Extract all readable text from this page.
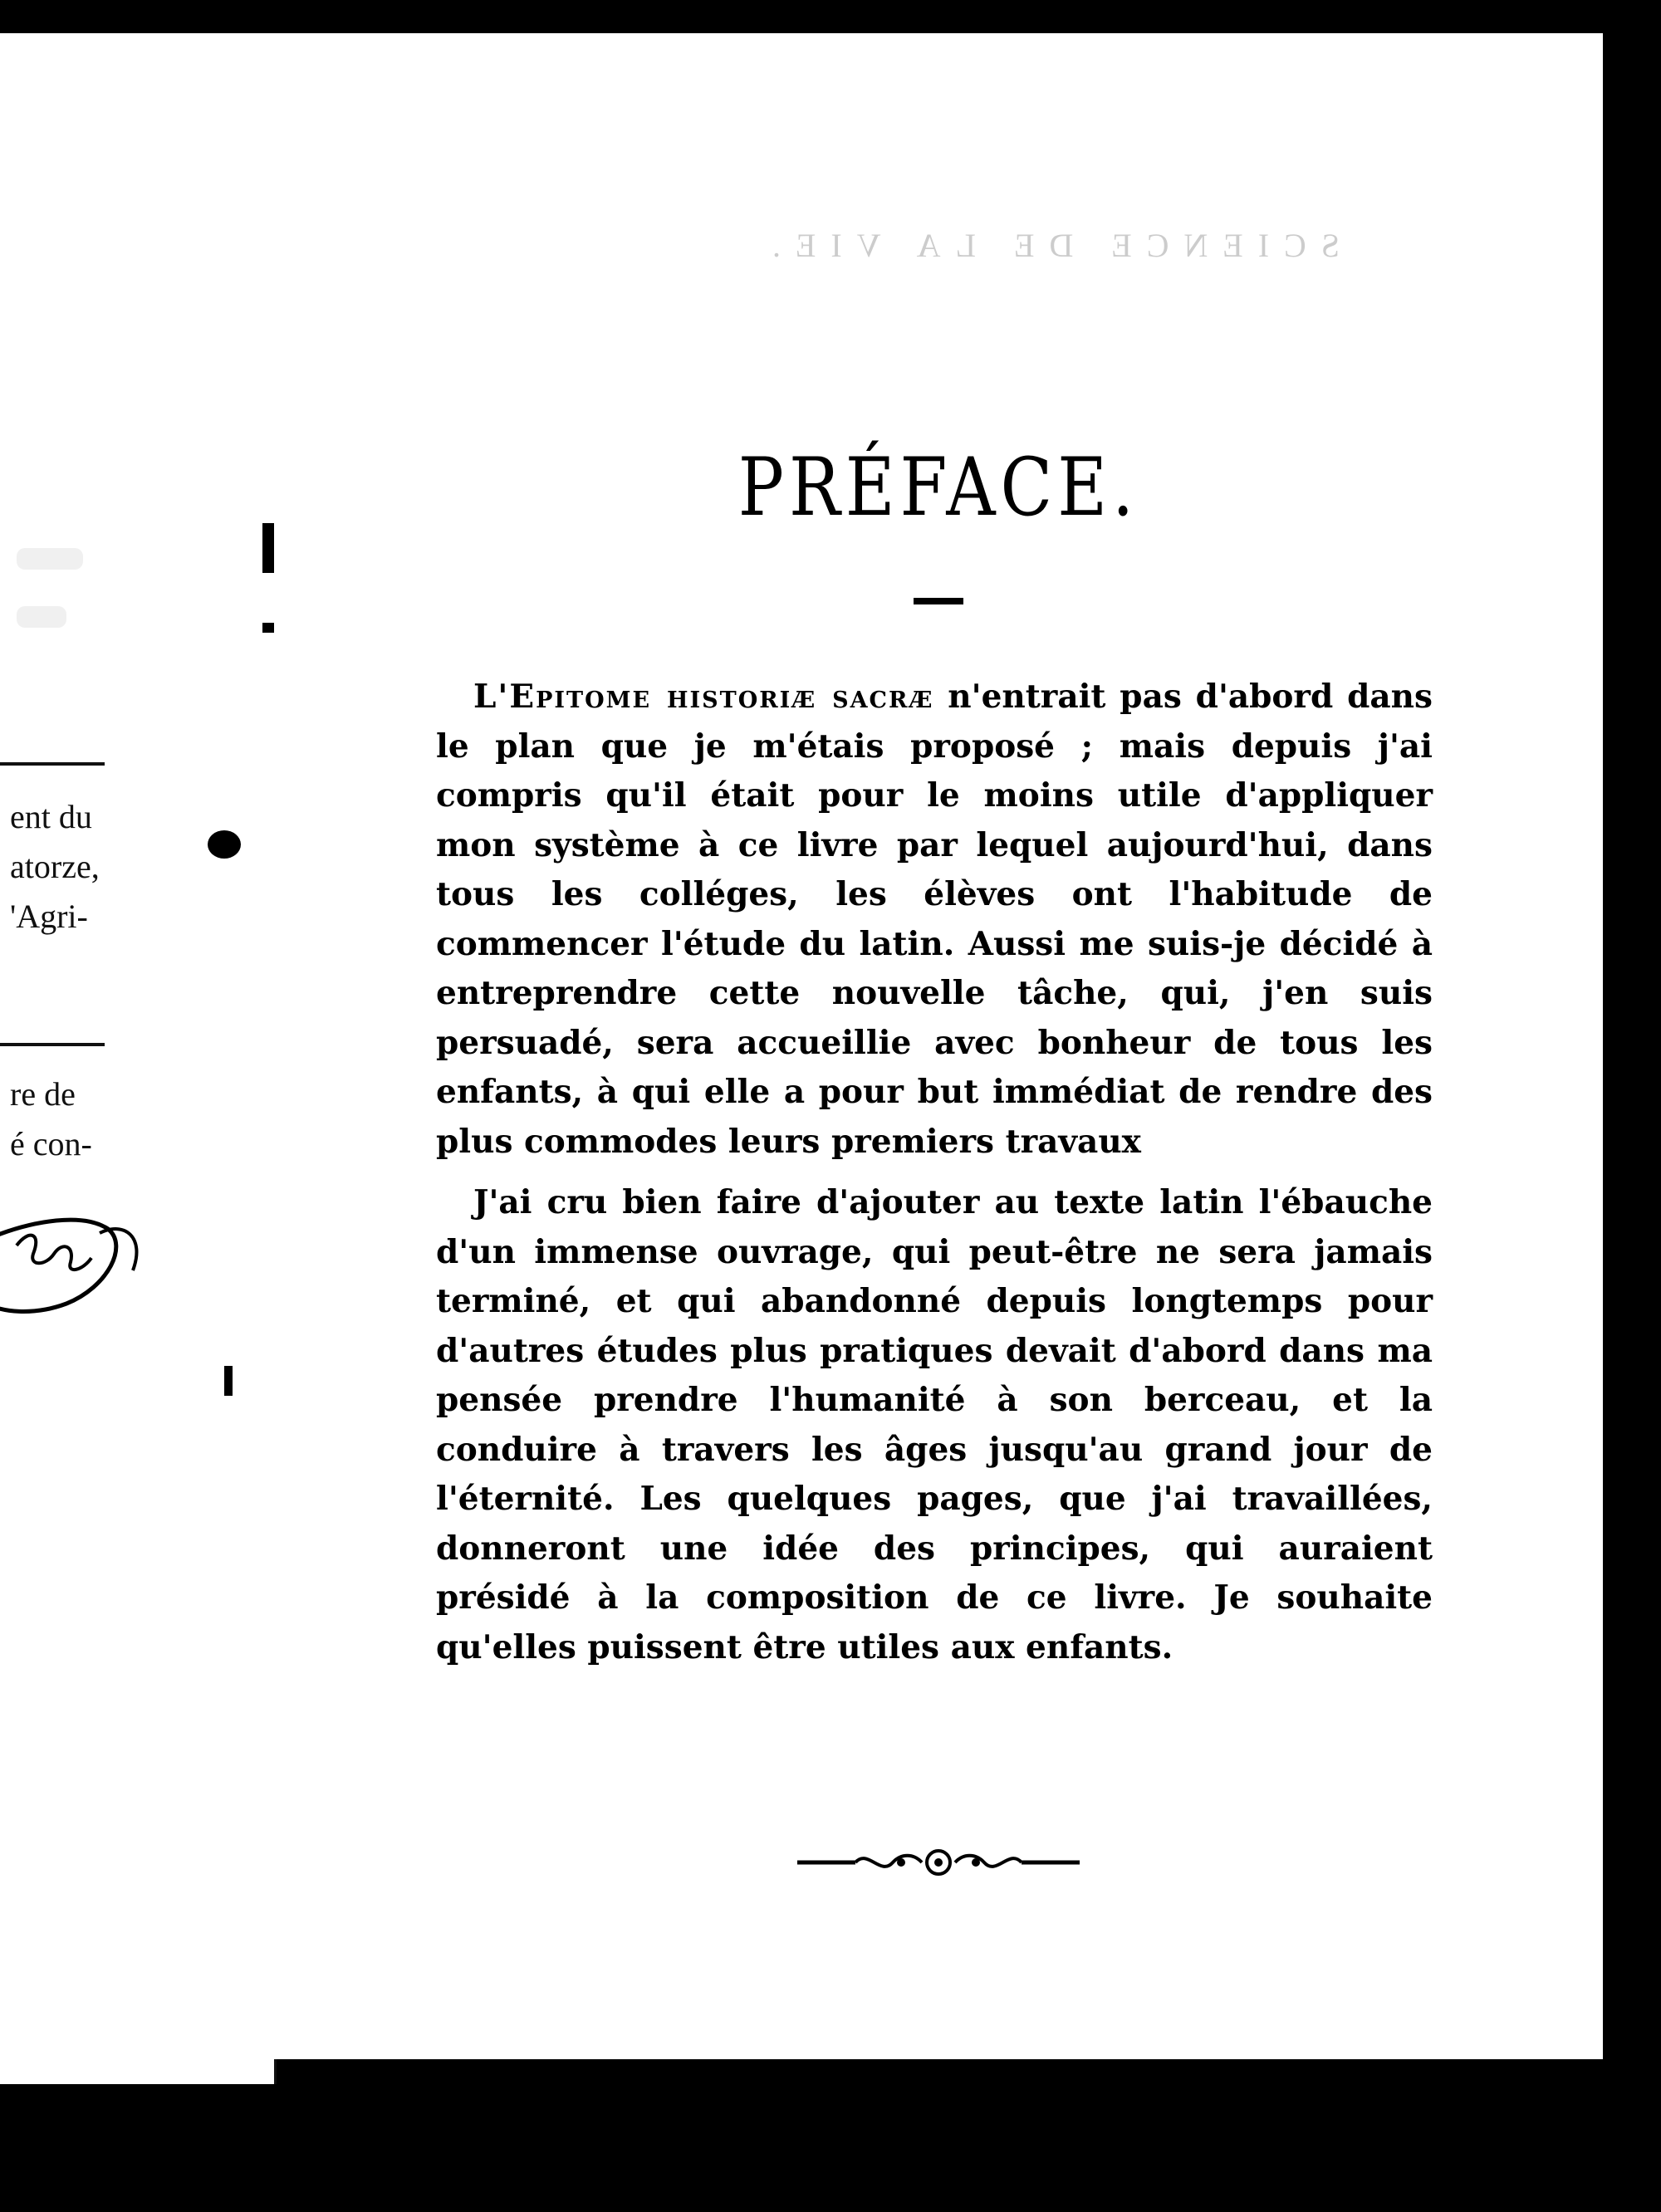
ent du
atorze,
'Agri-
re de
é con-
SCIENCE DE LA VIE.
PRÉFACE.

L'Epitome historiæ sacræ n'entrait pas d'abord dans le plan que je m'étais proposé ; mais depuis j'ai compris qu'il était pour le moins utile d'appliquer mon système à ce livre par lequel aujourd'hui, dans tous les colléges, les élèves ont l'habitude de commencer l'étude du latin. Aussi me suis-je décidé à entreprendre cette nouvelle tâche, qui, j'en suis persuadé, sera accueillie avec bonheur de tous les enfants, à qui elle a pour but immédiat de rendre des plus commodes leurs premiers travaux

J'ai cru bien faire d'ajouter au texte latin l'ébauche d'un immense ouvrage, qui peut-être ne sera jamais terminé, et qui abandonné depuis longtemps pour d'autres études plus pratiques devait d'abord dans ma pensée prendre l'humanité à son berceau, et la conduire à travers les âges jusqu'au grand jour de l'éternité. Les quelques pages, que j'ai travaillées, donneront une idée des principes, qui auraient présidé à la composition de ce livre. Je souhaite qu'elles puissent être utiles aux enfants.
